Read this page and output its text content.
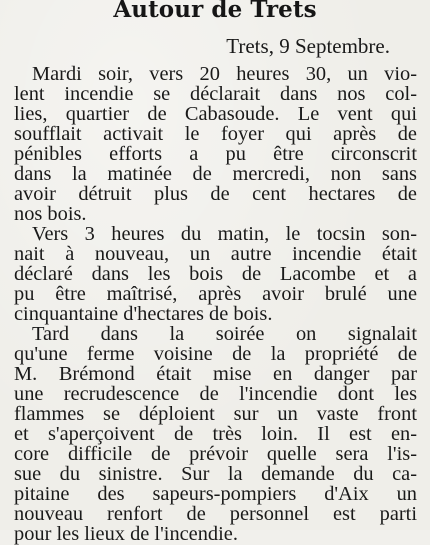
Autour de Trets
Trets, 9 Septembre.
Mardi soir, vers 20 heures 30, un vio-
lent incendie se déclarait dans nos col-
lies, quartier de Cabasoude. Le vent qui
soufflait activait le foyer qui après de
pénibles efforts a pu être circonscrit
dans la matinée de mercredi, non sans
avoir détruit plus de cent hectares de
nos bois.
Vers 3 heures du matin, le tocsin son-
nait à nouveau, un autre incendie était
déclaré dans les bois de Lacombe et a
pu être maîtrisé, après avoir brulé une
cinquantaine d'hectares de bois.
Tard dans la soirée on signalait
qu'une ferme voisine de la propriété de
M. Brémond était mise en danger par
une recrudescence de l'incendie dont les
flammes se déploient sur un vaste front
et s'aperçoivent de très loin. Il est en-
core difficile de prévoir quelle sera l'is-
sue du sinistre. Sur la demande du ca-
pitaine des sapeurs-pompiers d'Aix un
nouveau renfort de personnel est parti
pour les lieux de l'incendie.
